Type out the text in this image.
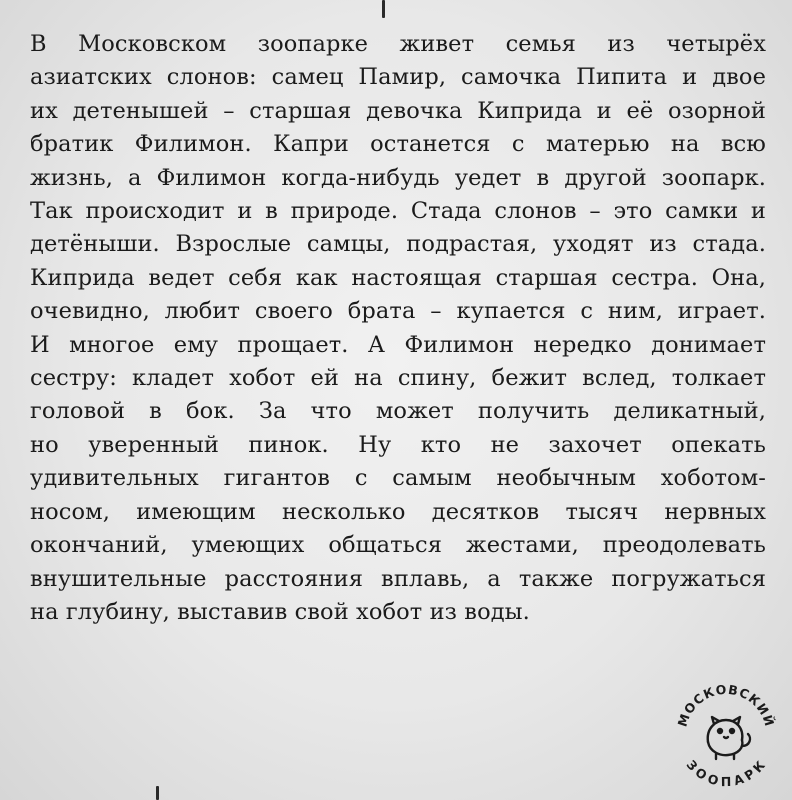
В Московском зоопарке живет семья из четырёх
азиатских слонов: самец Памир, самочка Пипита и двое
их детенышей – старшая девочка Киприда и её озорной
братик Филимон. Капри останется с матерью на всю
жизнь, а Филимон когда-нибудь уедет в другой зоопарк.
Так происходит и в природе. Стада слонов – это самки и
детёныши. Взрослые самцы, подрастая, уходят из стада.
Киприда ведет себя как настоящая старшая сестра. Она,
очевидно, любит своего брата – купается с ним, играет.
И многое ему прощает. А Филимон нередко донимает
сестру: кладет хобот ей на спину, бежит вслед, толкает
головой в бок. За что может получить деликатный,
но уверенный пинок. Ну кто не захочет опекать
удивительных гигантов с самым необычным хоботом-
носом, имеющим несколько десятков тысяч нервных
окончаний, умеющих общаться жестами, преодолевать
внушительные расстояния вплавь, а также погружаться
на глубину, выставив свой хобот из воды.
МОСКОВСКИЙ
ЗООПАРК
